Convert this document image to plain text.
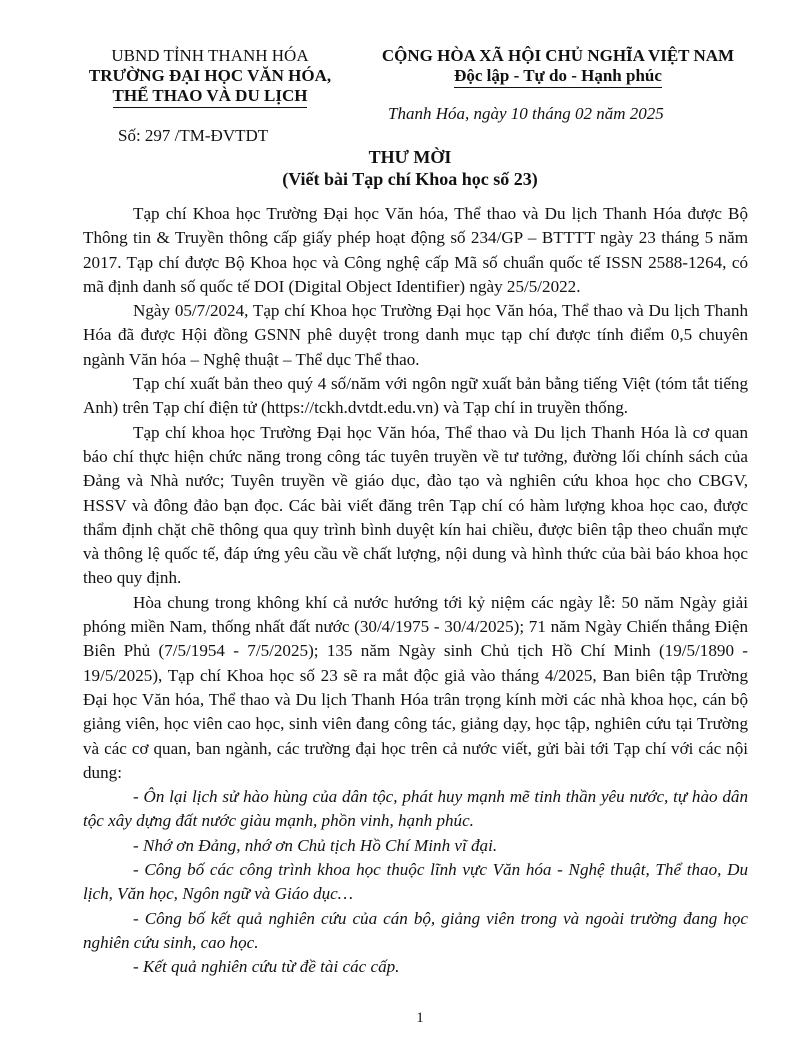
UBND TỈNH THANH HÓA
TRƯỜNG ĐẠI HỌC VĂN HÓA,
THỂ THAO VÀ DU LỊCH
CỘNG HÒA XÃ HỘI CHỦ NGHĨA VIỆT NAM
Độc lập - Tự do - Hạnh phúc
Thanh Hóa, ngày 10 tháng 02 năm 2025
Số: 297 /TM-ĐVTDT
THƯ MỜI
(Viết bài Tạp chí Khoa học số 23)

Tạp chí Khoa học Trường Đại học Văn hóa, Thể thao và Du lịch Thanh Hóa được Bộ Thông tin & Truyền thông cấp giấy phép hoạt động số 234/GP – BTTTT ngày 23 tháng 5 năm 2017. Tạp chí được Bộ Khoa học và Công nghệ cấp Mã số chuẩn quốc tế ISSN 2588-1264, có mã định danh số quốc tế DOI (Digital Object Identifier) ngày 25/5/2022.

Ngày 05/7/2024, Tạp chí Khoa học Trường Đại học Văn hóa, Thể thao và Du lịch Thanh Hóa đã được Hội đồng GSNN phê duyệt trong danh mục tạp chí được tính điểm 0,5 chuyên ngành Văn hóa – Nghệ thuật – Thể dục Thể thao.

Tạp chí xuất bản theo quý 4 số/năm với ngôn ngữ xuất bản bằng tiếng Việt (tóm tắt tiếng Anh) trên Tạp chí điện tử (https://tckh.dvtdt.edu.vn) và Tạp chí in truyền thống.

Tạp chí khoa học Trường Đại học Văn hóa, Thể thao và Du lịch Thanh Hóa là cơ quan báo chí thực hiện chức năng trong công tác tuyên truyền về tư tưởng, đường lối chính sách của Đảng và Nhà nước; Tuyên truyền về giáo dục, đào tạo và nghiên cứu khoa học cho CBGV, HSSV và đông đảo bạn đọc. Các bài viết đăng trên Tạp chí có hàm lượng khoa học cao, được thẩm định chặt chẽ thông qua quy trình bình duyệt kín hai chiều, được biên tập theo chuẩn mực và thông lệ quốc tế, đáp ứng yêu cầu về chất lượng, nội dung và hình thức của bài báo khoa học theo quy định.

Hòa chung trong không khí cả nước hướng tới kỷ niệm các ngày lễ: 50 năm Ngày giải phóng miền Nam, thống nhất đất nước (30/4/1975 - 30/4/2025); 71 năm Ngày Chiến thắng Điện Biên Phủ (7/5/1954 - 7/5/2025); 135 năm Ngày sinh Chủ tịch Hồ Chí Minh (19/5/1890 - 19/5/2025), Tạp chí Khoa học số 23 sẽ ra mắt độc giả vào tháng 4/2025, Ban biên tập Trường Đại học Văn hóa, Thể thao và Du lịch Thanh Hóa trân trọng kính mời các nhà khoa học, cán bộ giảng viên, học viên cao học, sinh viên đang công tác, giảng dạy, học tập, nghiên cứu tại Trường và các cơ quan, ban ngành, các trường đại học trên cả nước viết, gửi bài tới Tạp chí với các nội dung:

- Ôn lại lịch sử hào hùng của dân tộc, phát huy mạnh mẽ tinh thần yêu nước, tự hào dân tộc xây dựng đất nước giàu mạnh, phồn vinh, hạnh phúc.

- Nhớ ơn Đảng, nhớ ơn Chủ tịch Hồ Chí Minh vĩ đại.

- Công bố các công trình khoa học thuộc lĩnh vực Văn hóa - Nghệ thuật, Thể thao, Du lịch, Văn học, Ngôn ngữ và Giáo dục…

- Công bố kết quả nghiên cứu của cán bộ, giảng viên trong và ngoài trường đang học nghiên cứu sinh, cao học.

- Kết quả nghiên cứu từ đề tài các cấp.

1
